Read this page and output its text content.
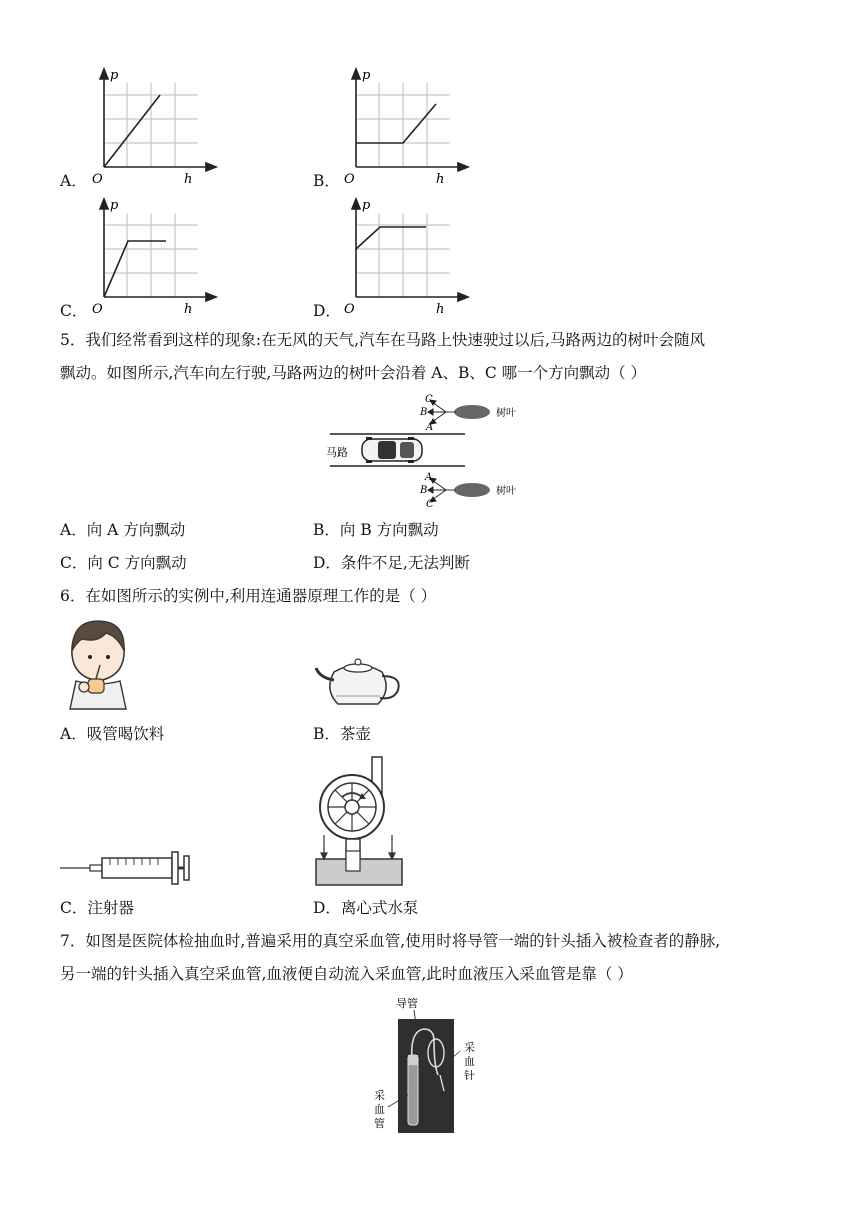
A．
p
O	h	B．
p
O	h
C．
p
O	h	D．
p
O	h
5．我们经常看到这样的现象:在无风的天气,汽车在马路上快速驶过以后,马路两边的树叶会随风
飘动。如图所示,汽车向左行驶,马路两边的树叶会沿着 A、B、C 哪一个方向飘动（ ）
马路
C
B
A
树叶
A
B
C
树叶
A．向 A 方向飘动	B．向 B 方向飘动
C．向 C 方向飘动	D．条件不足,无法判断
6．在如图所示的实例中,利用连通器原理工作的是（ ）
A．吸管喝饮料	B．茶壶
C．注射器	D．离心式水泵
7．如图是医院体检抽血时,普遍采用的真空采血管,使用时将导管一端的针头插入被检查者的静脉,
另一端的针头插入真空采血管,血液便自动流入采血管,此时血液压入采血管是靠（ ）
导管
采
血
针
采
血
管
